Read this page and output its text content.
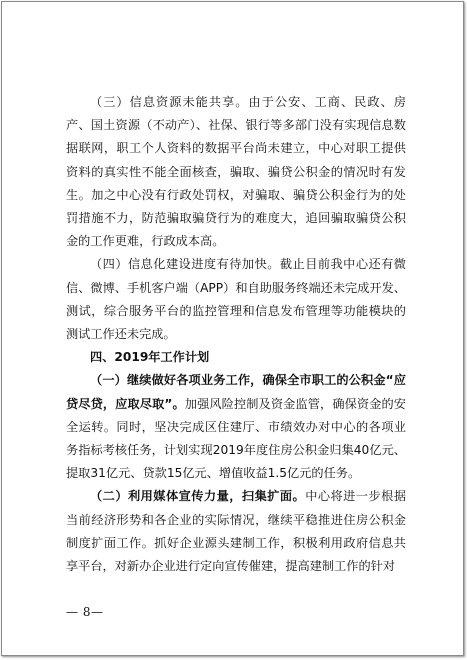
（三）信息资源未能共享。由于公安、工商、民政、房产、国土资源（不动产）、社保、银行等多部门没有实现信息数据联网，职工个人资料的数据平台尚未建立，中心对职工提供资料的真实性不能全面核查，骗取、骗贷公积金的情况时有发生。加之中心没有行政处罚权，对骗取、骗贷公积金行为的处罚措施不力，防范骗取骗贷行为的难度大，追回骗取骗贷公积金的工作更难，行政成本高。

（四）信息化建设进度有待加快。截止目前我中心还有微信、微博、手机客户端（APP）和自助服务终端还未完成开发、测试，综合服务平台的监控管理和信息发布管理等功能模块的测试工作还未完成。

四、2019年工作计划

（一）继续做好各项业务工作，确保全市职工的公积金“应贷尽贷，应取尽取”。加强风险控制及资金监管，确保资金的安全运转。同时，坚决完成区住建厅、市绩效办对中心的各项业务指标考核任务，计划实现2019年度住房公积金归集40亿元、提取31亿元、贷款15亿元、增值收益1.5亿元的任务。

（二）利用媒体宣传力量，扫集扩面。中心将进一步根据当前经济形势和各企业的实际情况，继续平稳推进住房公积金制度扩面工作。抓好企业源头建制工作，积极利用政府信息共享平台，对新办企业进行定向宣传催建，提高建制工作的针对

— 8—
